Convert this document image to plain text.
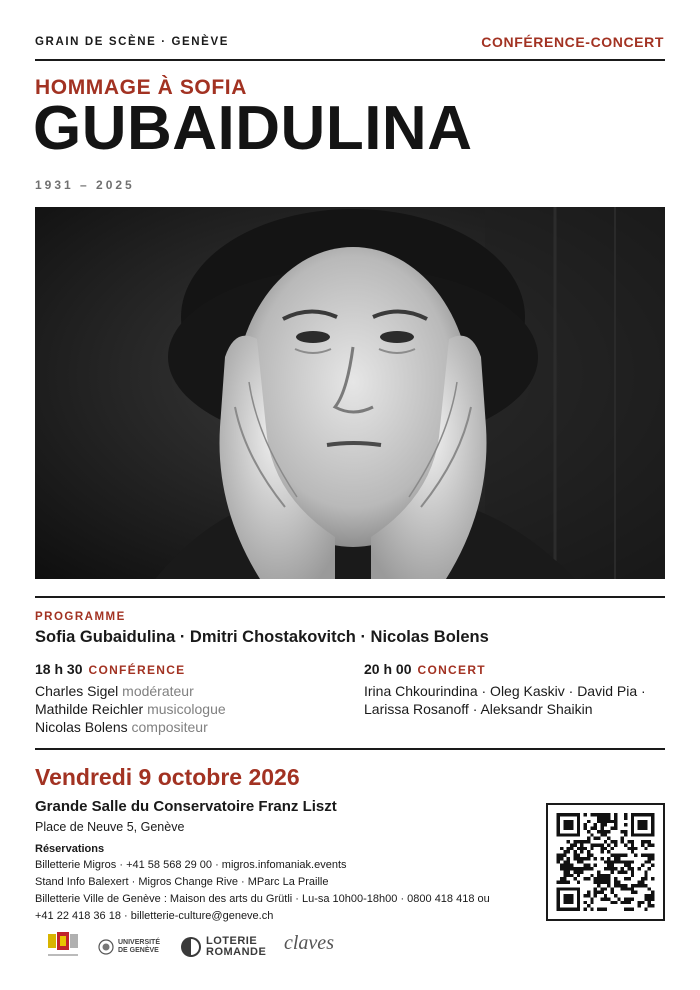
GRAIN DE SCÈNE · GENÈVE	CONFÉRENCE-CONCERT
HOMMAGE À SOFIA
GUBAIDULINA
1931 – 2025
PROGRAMME
Sofia Gubaidulina · Dmitri Chostakovitch · Nicolas Bolens
18 h 30 CONFÉRENCE
Charles Sigel modérateur
Mathilde Reichler musicologue
Nicolas Bolens compositeur
20 h 00 CONCERT
Irina Chkourindina · Oleg Kaskiv · David Pia ·
Larissa Rosanoff · Aleksandr Shaikin
Vendredi 9 octobre 2026
Grande Salle du Conservatoire Franz Liszt
Place de Neuve 5, Genève
Réservations
Billetterie Migros · +41 58 568 29 00 · migros.infomaniak.events
Stand Info Balexert · Migros Change Rive · MParc La Praille
Billetterie Ville de Genève : Maison des arts du Grütli · Lu-sa 10h00-18h00 · 0800 418 418 ou
+41 22 418 36 18 · billetterie-culture@geneve.ch
UNIVERSITÉ
DE GENÈVE
LOTERIE
ROMANDE claves
